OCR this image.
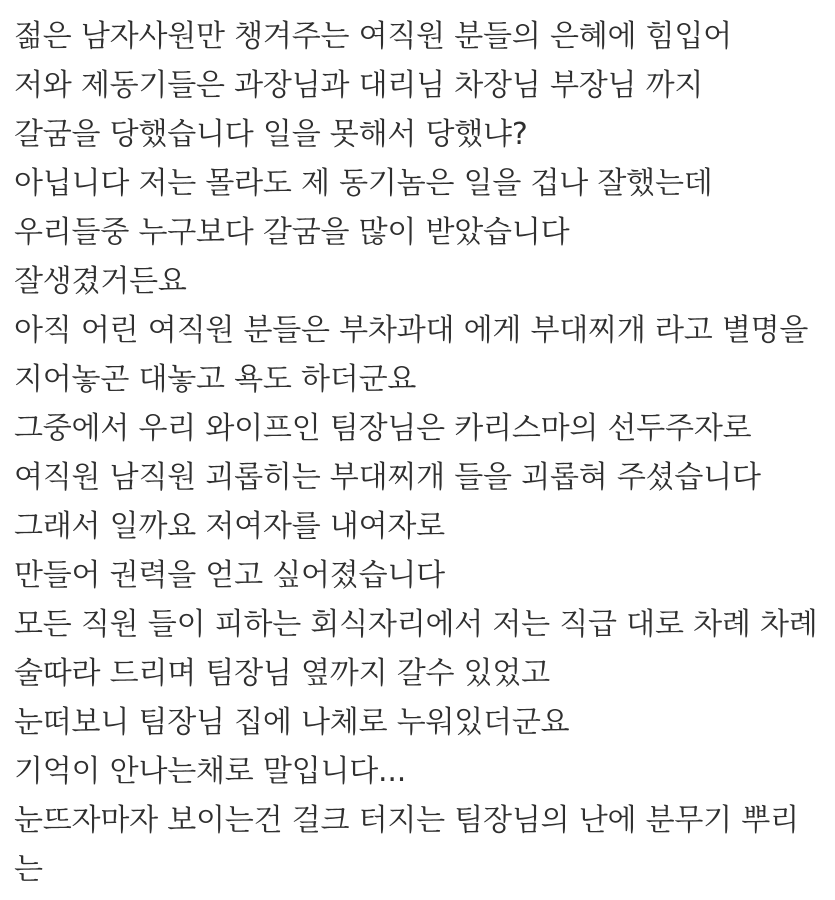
젊은 남자사원만 챙겨주는 여직원 분들의 은혜에 힘입어
저와 제동기들은 과장님과 대리님 차장님 부장님 까지
갈굼을 당했습니다 일을 못해서 당했냐?
아닙니다 저는 몰라도 제 동기놈은 일을 겁나 잘했는데
우리들중 누구보다 갈굼을 많이 받았습니다
잘생겼거든요
아직 어린 여직원 분들은 부차과대 에게 부대찌개 라고 별명을
지어놓곤 대놓고 욕도 하더군요
그중에서 우리 와이프인 팀장님은 카리스마의 선두주자로
여직원 남직원 괴롭히는 부대찌개 들을 괴롭혀 주셨습니다
그래서 일까요 저여자를 내여자로
만들어 권력을 얻고 싶어졌습니다
모든 직원 들이 피하는 회식자리에서 저는 직급 대로 차례 차례
술따라 드리며 팀장님 옆까지 갈수 있었고
눈떠보니 팀장님 집에 나체로 누워있더군요
기억이 안나는채로 말입니다...
눈뜨자마자 보이는건 걸크 터지는 팀장님의 난에 분무기 뿌리
는
